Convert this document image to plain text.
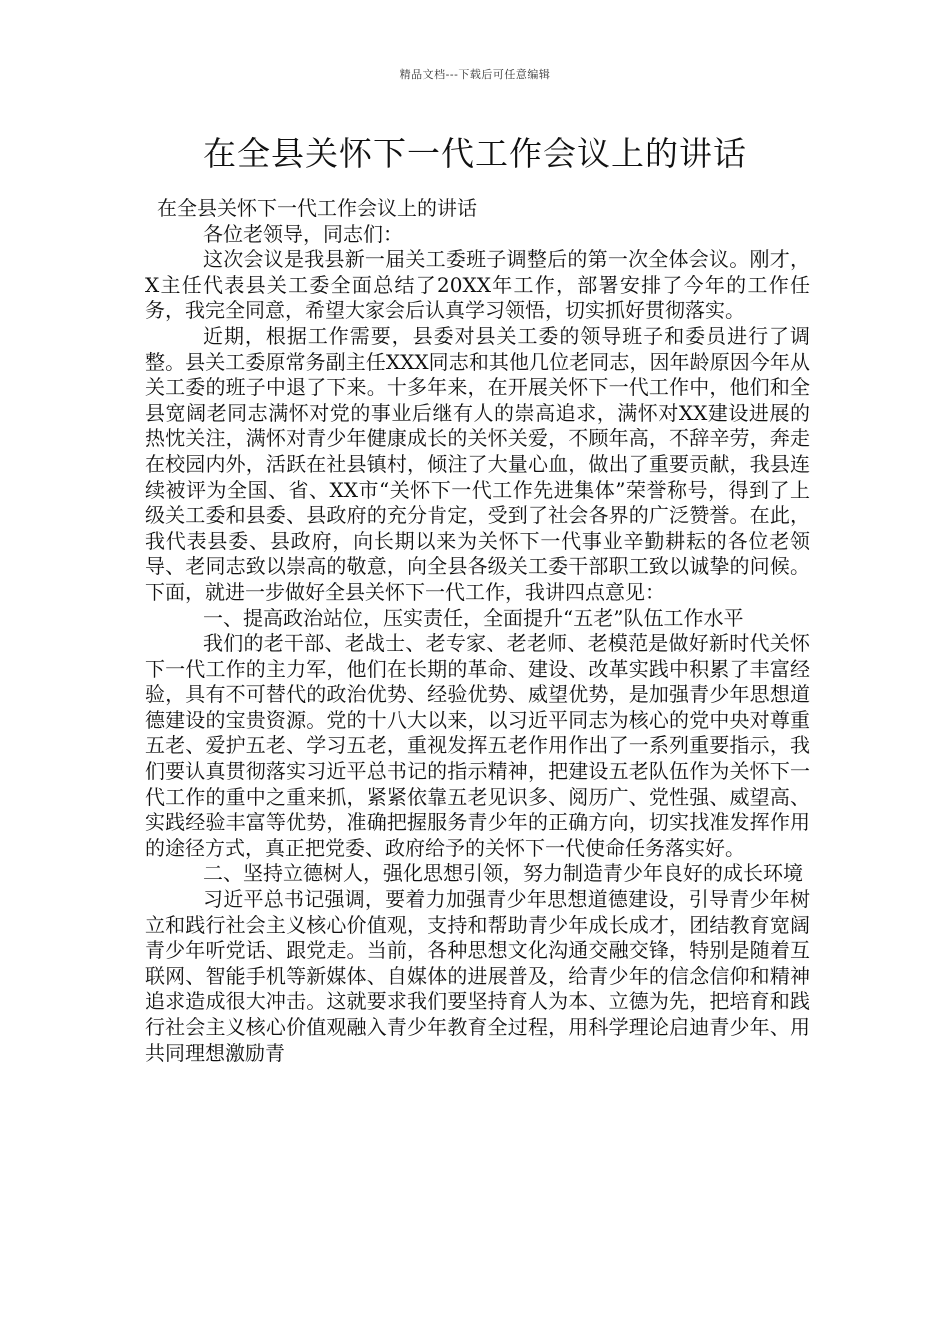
精品文档---下载后可任意编辑
在全县关怀下一代工作会议上的讲话

在全县关怀下一代工作会议上的讲话

各位老领导，同志们：

这次会议是我县新一届关工委班子调整后的第一次全体会议。刚才，X主任代表县关工委全面总结了20XX年工作，部署安排了今年的工作任务，我完全同意，希望大家会后认真学习领悟，切实抓好贯彻落实。

近期，根据工作需要，县委对县关工委的领导班子和委员进行了调整。县关工委原常务副主任XXX同志和其他几位老同志，因年龄原因今年从关工委的班子中退了下来。十多年来，在开展关怀下一代工作中，他们和全县宽阔老同志满怀对党的事业后继有人的崇高追求，满怀对XX建设进展的热忱关注，满怀对青少年健康成长的关怀关爱，不顾年高，不辞辛劳，奔走在校园内外，活跃在社县镇村，倾注了大量心血，做出了重要贡献，我县连续被评为全国、省、XX市“关怀下一代工作先进集体”荣誉称号，得到了上级关工委和县委、县政府的充分肯定，受到了社会各界的广泛赞誉。在此，我代表县委、县政府，向长期以来为关怀下一代事业辛勤耕耘的各位老领导、老同志致以崇高的敬意，向全县各级关工委干部职工致以诚挚的问候。下面，就进一步做好全县关怀下一代工作，我讲四点意见：

一、提高政治站位，压实责任，全面提升“五老”队伍工作水平

我们的老干部、老战士、老专家、老老师、老模范是做好新时代关怀下一代工作的主力军，他们在长期的革命、建设、改革实践中积累了丰富经验，具有不可替代的政治优势、经验优势、威望优势，是加强青少年思想道德建设的宝贵资源。党的十八大以来，以习近平同志为核心的党中央对尊重五老、爱护五老、学习五老，重视发挥五老作用作出了一系列重要指示，我们要认真贯彻落实习近平总书记的指示精神，把建设五老队伍作为关怀下一代工作的重中之重来抓，紧紧依靠五老见识多、阅历广、党性强、威望高、实践经验丰富等优势，准确把握服务青少年的正确方向，切实找准发挥作用的途径方式，真正把党委、政府给予的关怀下一代使命任务落实好。

二、坚持立德树人，强化思想引领，努力制造青少年良好的成长环境

习近平总书记强调，要着力加强青少年思想道德建设，引导青少年树立和践行社会主义核心价值观，支持和帮助青少年成长成才，团结教育宽阔青少年听党话、跟党走。当前，各种思想文化沟通交融交锋，特别是随着互联网、智能手机等新媒体、自媒体的进展普及，给青少年的信念信仰和精神追求造成很大冲击。这就要求我们要坚持育人为本、立德为先，把培育和践行社会主义核心价值观融入青少年教育全过程，用科学理论启迪青少年、用共同理想激励青
